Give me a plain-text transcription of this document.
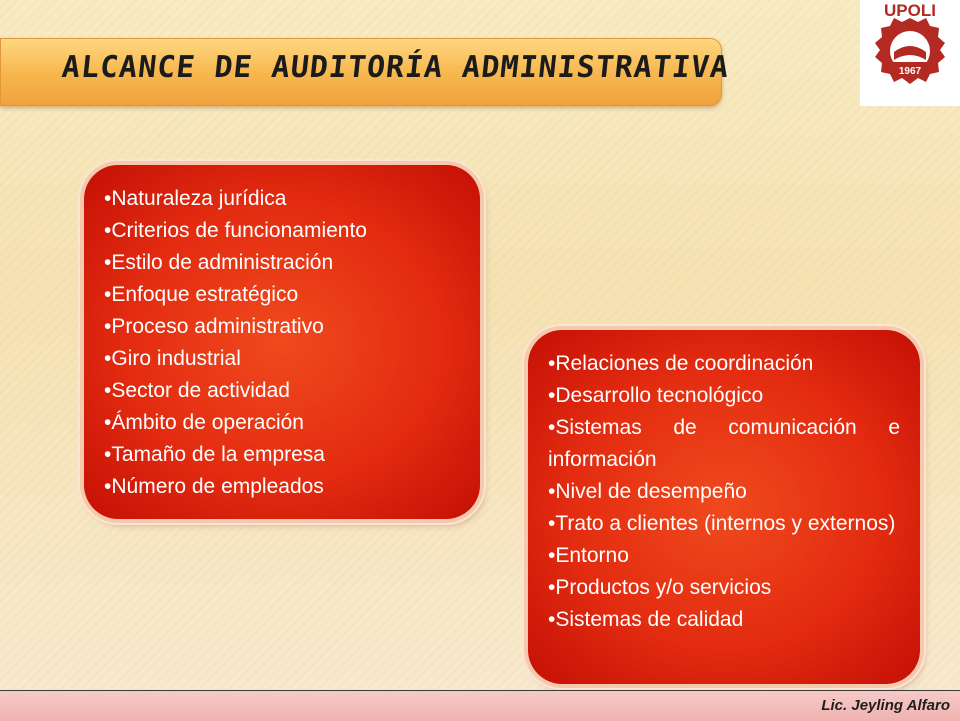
ALCANCE DE AUDITORÍA ADMINISTRATIVA
UPOLI
1967
•Naturaleza jurídica
•Criterios de funcionamiento
•Estilo de administración
•Enfoque estratégico
•Proceso administrativo
•Giro industrial
•Sector de actividad
•Ámbito de operación
•Tamaño de la empresa
•Número de empleados
•Relaciones de coordinación
•Desarrollo tecnológico
•Sistemas de comunicación e información
•Nivel de desempeño
•Trato a clientes (internos y externos)
•Entorno
•Productos y/o servicios
•Sistemas de calidad
Lic. Jeyling Alfaro
